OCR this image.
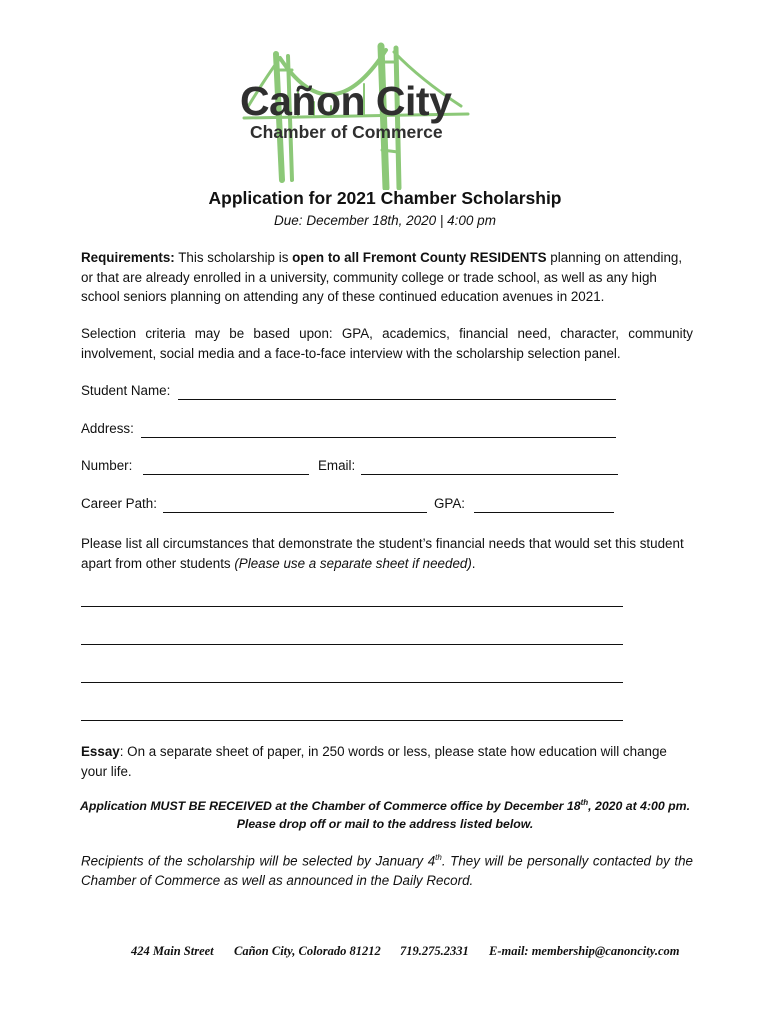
Cañon City
Chamber of Commerce
Application for 2021 Chamber Scholarship
Due: December 18th, 2020 | 4:00 pm
Requirements: This scholarship is open to all Fremont County RESIDENTS planning on attending, or that are already enrolled in a university, community college or trade school, as well as any high school seniors planning on attending any of these continued education avenues in 2021.
Selection criteria may be based upon: GPA, academics, financial need, character, community involvement, social media and a face-to-face interview with the scholarship selection panel.
Student Name:
Address:
Number:	Email:
Career Path:	GPA:
Please list all circumstances that demonstrate the student’s financial needs that would set this student apart from other students (Please use a separate sheet if needed).
Essay: On a separate sheet of paper, in 250 words or less, please state how education will change your life.
Application MUST BE RECEIVED at the Chamber of Commerce office by December 18th, 2020 at 4:00 pm.
Please drop off or mail to the address listed below.
Recipients of the scholarship will be selected by January 4th. They will be personally contacted by the Chamber of Commerce as well as announced in the Daily Record.
424 Main Street Cañon City, Colorado 81212 719.275.2331 E-mail: membership@canoncity.com
